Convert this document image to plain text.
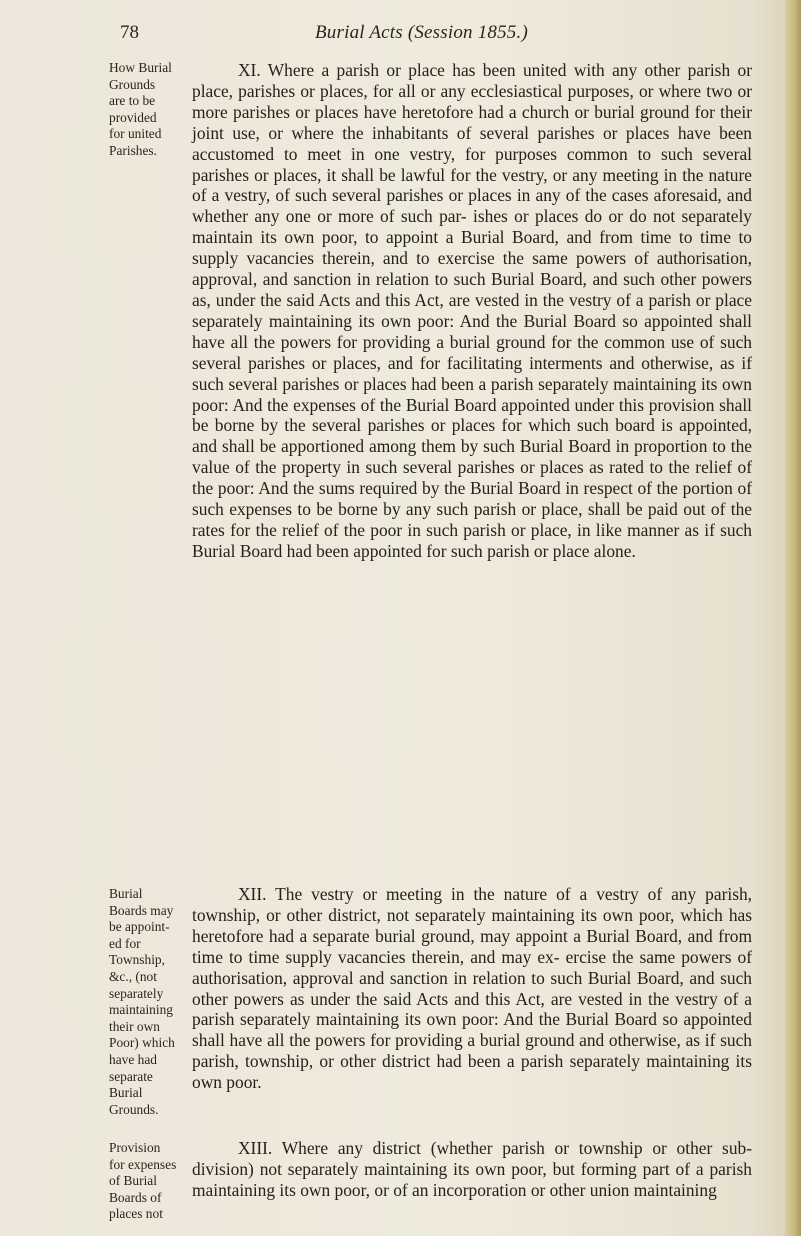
78	Burial Acts (Session 1855.)
How Burial
Grounds
are to be
provided
for united
Parishes.

XI. Where a parish or place has been united with any other parish or place, parishes or places, for all or any ecclesiastical purposes, or where two or more parishes or places have heretofore had a church or burial ground for their joint use, or where the inhabitants of several parishes or places have been accustomed to meet in one vestry, for purposes common to such several parishes or places, it shall be lawful for the vestry, or any meeting in the nature of a vestry, of such several parishes or places in any of the cases aforesaid, and whether any one or more of such par- ishes or places do or do not separately maintain its own poor, to appoint a Burial Board, and from time to time to supply vacancies therein, and to exercise the same powers of authorisation, approval, and sanction in relation to such Burial Board, and such other powers as, under the said Acts and this Act, are vested in the vestry of a parish or place separately maintaining its own poor: And the Burial Board so appointed shall have all the powers for providing a burial ground for the common use of such several parishes or places, and for facilitating interments and otherwise, as if such several parishes or places had been a parish separately maintaining its own poor: And the expenses of the Burial Board appointed under this provision shall be borne by the several parishes or places for which such board is appointed, and shall be apportioned among them by such Burial Board in proportion to the value of the property in such several parishes or places as rated to the relief of the poor: And the sums required by the Burial Board in respect of the portion of such expenses to be borne by any such parish or place, shall be paid out of the rates for the relief of the poor in such parish or place, in like manner as if such Burial Board had been appointed for such parish or place alone.

Burial
Boards may
be appoint-
ed for
Township,
&c., (not
separately
maintaining
their own
Poor) which
have had
separate
Burial
Grounds.

XII. The vestry or meeting in the nature of a vestry of any parish, township, or other district, not separately maintaining its own poor, which has heretofore had a separate burial ground, may appoint a Burial Board, and from time to time supply vacancies therein, and may ex- ercise the same powers of authorisation, approval and sanction in relation to such Burial Board, and such other powers as under the said Acts and this Act, are vested in the vestry of a parish separately maintaining its own poor: And the Burial Board so appointed shall have all the powers for providing a burial ground and otherwise, as if such parish, township, or other district had been a parish separately maintaining its own poor.

Provision
for expenses
of Burial
Boards of
places not

XIII. Where any district (whether parish or township or other sub-division) not separately maintaining its own poor, but forming part of a parish maintaining its own poor, or of an incorporation or other union maintaining
